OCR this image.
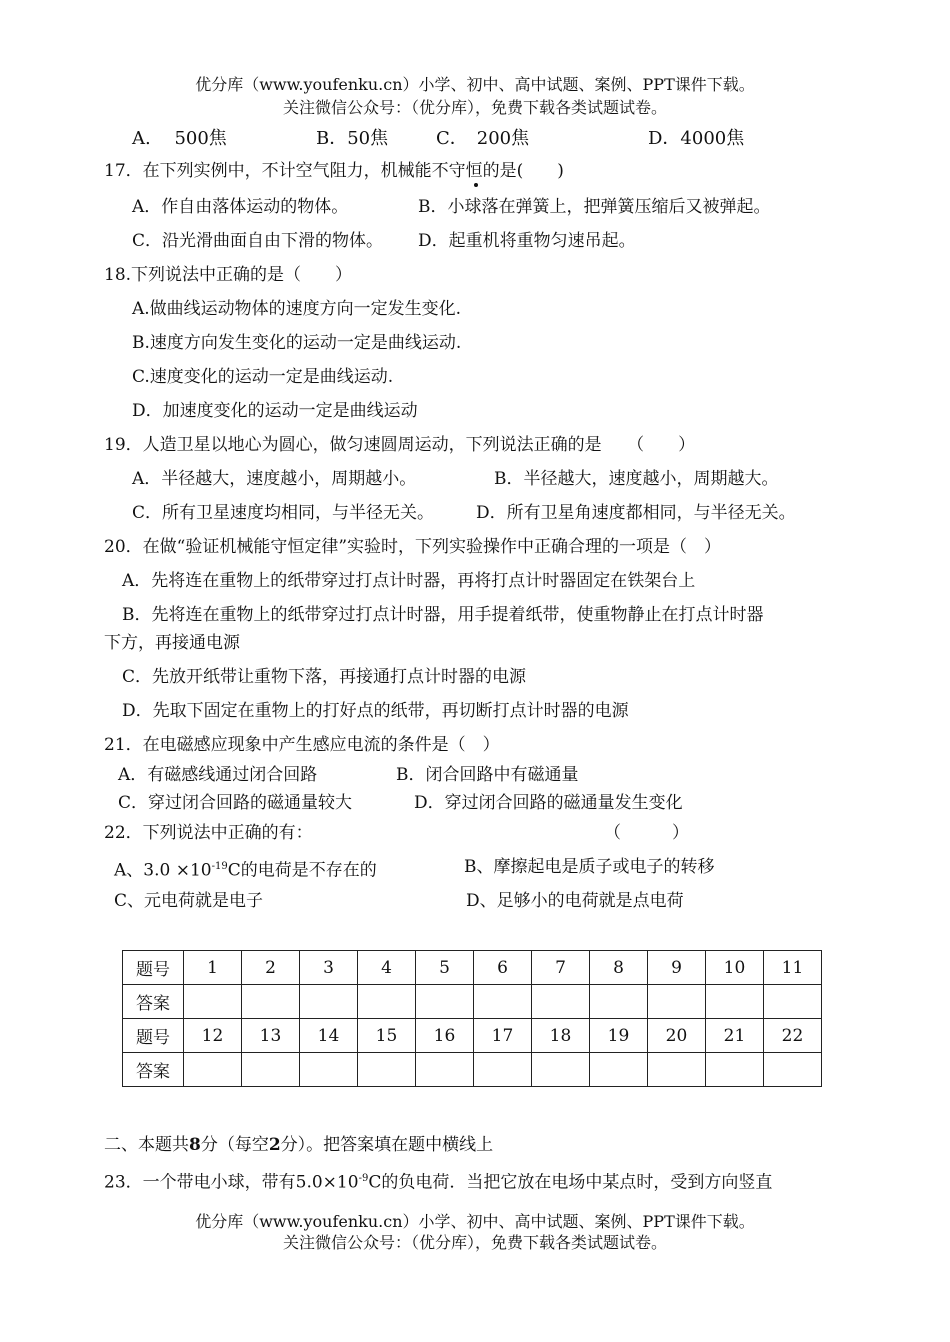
优分库（www.youfenku.cn）小学、初中、高中试题、案例、PPT课件下载。
关注微信公众号：（优分库），免费下载各类试题试卷。
A.　 500焦	B．50焦	C．　200焦	D．4000焦
17．在下列实例中，不计空气阻力，机械能不守恒的是(　　)
A．作自由落体运动的物体。	B．小球落在弹簧上，把弹簧压缩后又被弹起。
C．沿光滑曲面自由下滑的物体。 D．起重机将重物匀速吊起。
18.下列说法中正确的是（　　）
A.做曲线运动物体的速度方向一定发生变化.
B.速度方向发生变化的运动一定是曲线运动.
C.速度变化的运动一定是曲线运动.
D．加速度变化的运动一定是曲线运动
19．人造卫星以地心为圆心，做匀速圆周运动，下列说法正确的是　　（　　）
A．半径越大，速度越小，周期越小。	B．半径越大，速度越小，周期越大。
C．所有卫星速度均相同，与半径无关。 D．所有卫星角速度都相同，与半径无关。
20．在做“验证机械能守恒定律”实验时，下列实验操作中正确合理的一项是（　）
A．先将连在重物上的纸带穿过打点计时器，再将打点计时器固定在铁架台上
B．先将连在重物上的纸带穿过打点计时器，用手提着纸带，使重物静止在打点计时器
下方，再接通电源
C．先放开纸带让重物下落，再接通打点计时器的电源
D．先取下固定在重物上的打好点的纸带，再切断打点计时器的电源
21．在电磁感应现象中产生感应电流的条件是（　）
A．有磁感线通过闭合回路	B．闭合回路中有磁通量
C．穿过闭合回路的磁通量较大	D．穿过闭合回路的磁通量发生变化
22．下列说法中正确的有：	（　　　）
A、$3.0 \times 10^{-19}C$的电荷是不存在的	B、摩擦起电是质子或电子的转移
C、元电荷就是电子	D、足够小的电荷就是点电荷
题号	1	2	3	4	5	6	7	8	9	10	11
答案											
题号	12	13	14	15	16	17	18	19	20	21	22
答案											
二、本题共8分（每空2分）。把答案填在题中横线上
23．一个带电小球，带有$5.0\times 10^{-9}C$的负电荷．当把它放在电场中某点时，受到方向竖直
优分库（www.youfenku.cn）小学、初中、高中试题、案例、PPT课件下载。
关注微信公众号：（优分库），免费下载各类试题试卷。
